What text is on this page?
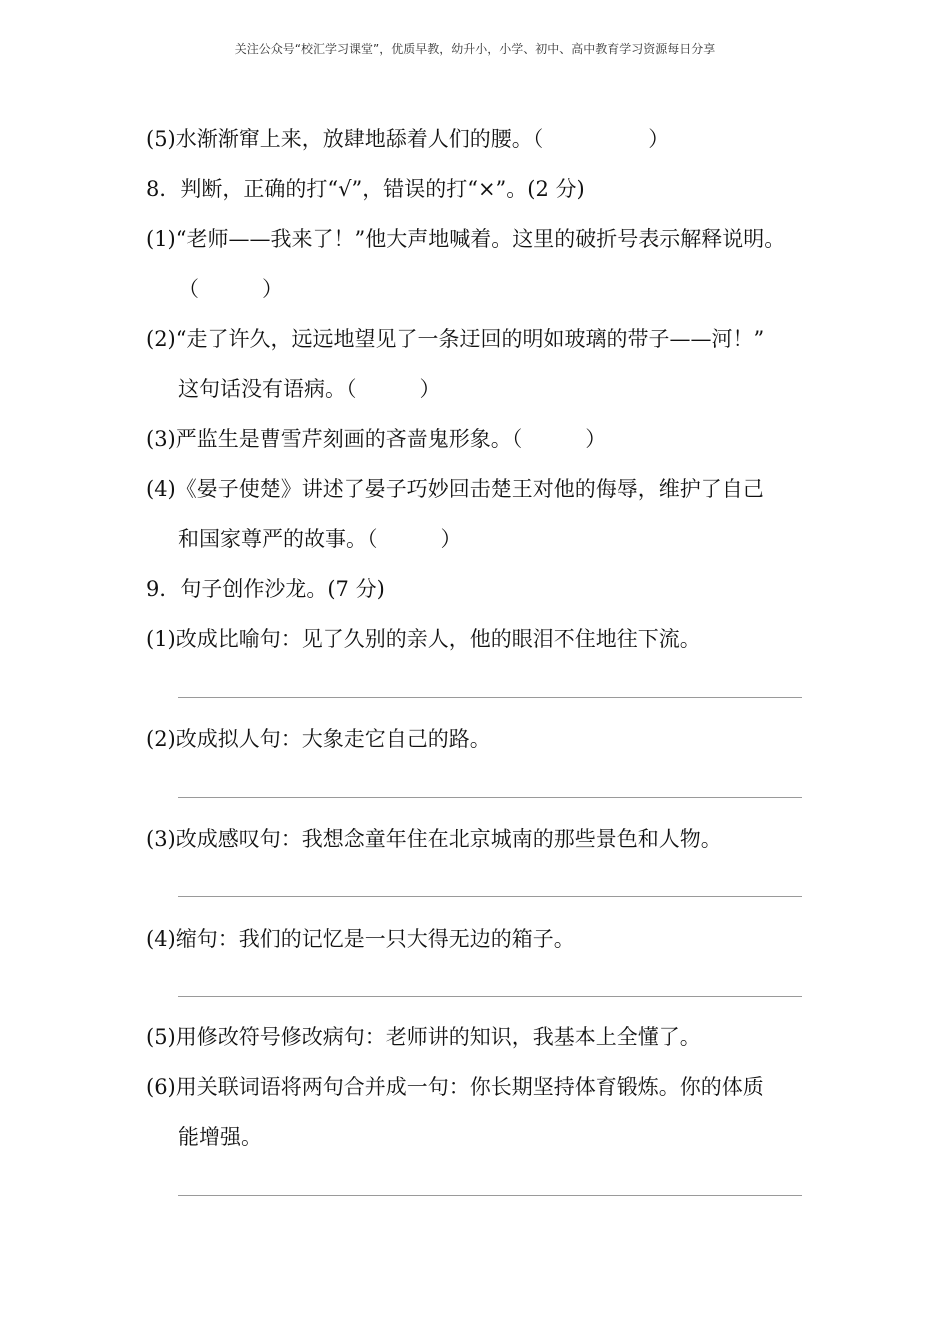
关注公众号“校汇学习课堂”，优质早教，幼升小，小学、初中、高中教育学习资源每日分享
(5)水渐渐窜上来，放肆地舔着人们的腰。（　　　　　）
8．判断，正确的打“√”，错误的打“×”。(2 分)
(1)“老师——我来了！”他大声地喊着。这里的破折号表示解释说明。
（　　　）
(2)“走了许久，远远地望见了一条迂回的明如玻璃的带子——河！”
这句话没有语病。（　　　）
(3)严监生是曹雪芹刻画的吝啬鬼形象。（　　　）
(4)《晏子使楚》讲述了晏子巧妙回击楚王对他的侮辱，维护了自己
和国家尊严的故事。（　　　）
9．句子创作沙龙。(7 分)
(1)改成比喻句：见了久别的亲人，他的眼泪不住地往下流。
(2)改成拟人句：大象走它自己的路。
(3)改成感叹句：我想念童年住在北京城南的那些景色和人物。
(4)缩句：我们的记忆是一只大得无边的箱子。
(5)用修改符号修改病句：老师讲的知识，我基本上全懂了。
(6)用关联词语将两句合并成一句：你长期坚持体育锻炼。你的体质
能增强。
